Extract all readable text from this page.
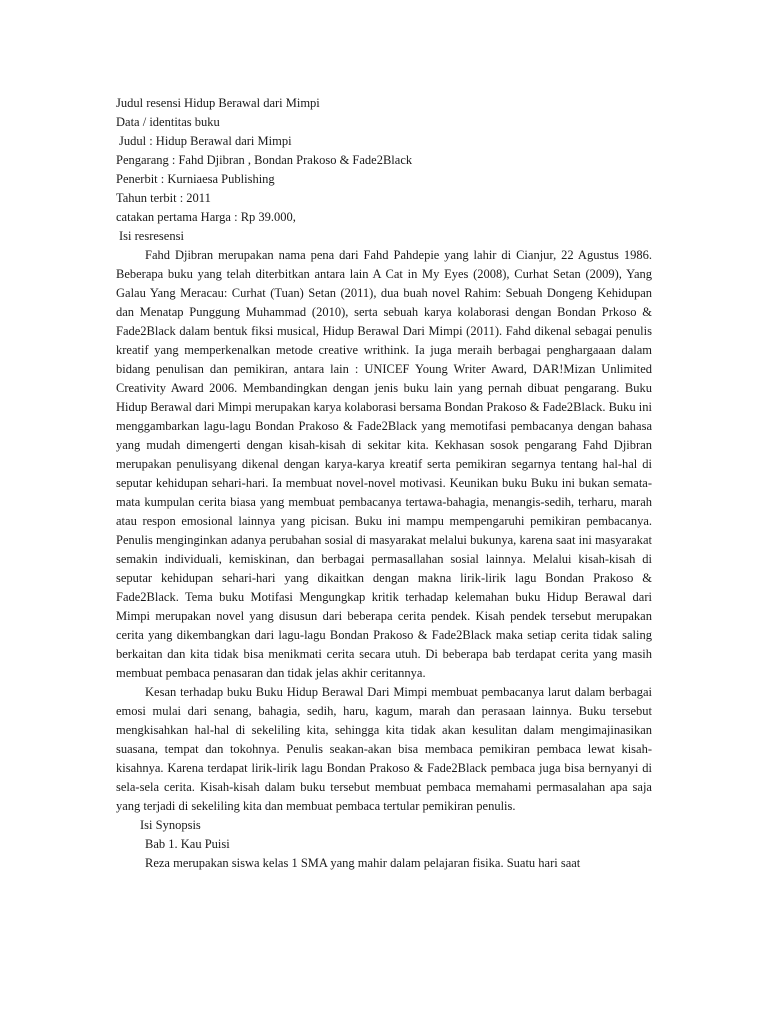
Judul resensi Hidup Berawal dari Mimpi
Data / identitas buku
Judul : Hidup Berawal dari Mimpi
Pengarang : Fahd Djibran , Bondan Prakoso & Fade2Black
Penerbit : Kurniaesa Publishing
Tahun terbit : 2011
catakan pertama Harga : Rp 39.000,
Isi resresensi

Fahd Djibran merupakan nama pena dari Fahd Pahdepie yang lahir di Cianjur, 22 Agustus 1986. Beberapa buku yang telah diterbitkan antara lain A Cat in My Eyes (2008), Curhat Setan (2009), Yang Galau Yang Meracau: Curhat (Tuan) Setan (2011), dua buah novel Rahim: Sebuah Dongeng Kehidupan dan Menatap Punggung Muhammad (2010), serta sebuah karya kolaborasi dengan Bondan Prkoso & Fade2Black dalam bentuk fiksi musical, Hidup Berawal Dari Mimpi (2011). Fahd dikenal sebagai penulis kreatif yang memperkenalkan metode creative writhink. Ia juga meraih berbagai penghargaaan dalam bidang penulisan dan pemikiran, antara lain : UNICEF Young Writer Award, DAR!Mizan Unlimited Creativity Award 2006. Membandingkan dengan jenis buku lain yang pernah dibuat pengarang. Buku Hidup Berawal dari Mimpi merupakan karya kolaborasi bersama Bondan Prakoso & Fade2Black. Buku ini menggambarkan lagu-lagu Bondan Prakoso & Fade2Black yang memotifasi pembacanya dengan bahasa yang mudah dimengerti dengan kisah-kisah di sekitar kita. Kekhasan sosok pengarang Fahd Djibran merupakan penulisyang dikenal dengan karya-karya kreatif serta pemikiran segarnya tentang hal-hal di seputar kehidupan sehari-hari. Ia membuat novel-novel motivasi. Keunikan buku Buku ini bukan semata-mata kumpulan cerita biasa yang membuat pembacanya tertawa-bahagia, menangis-sedih, terharu, marah atau respon emosional lainnya yang picisan. Buku ini mampu mempengaruhi pemikiran pembacanya. Penulis menginginkan adanya perubahan sosial di masyarakat melalui bukunya, karena saat ini masyarakat semakin individuali, kemiskinan, dan berbagai permasallahan sosial lainnya. Melalui kisah-kisah di seputar kehidupan sehari-hari yang dikaitkan dengan makna lirik-lirik lagu Bondan Prakoso & Fade2Black. Tema buku Motifasi Mengungkap kritik terhadap kelemahan buku Hidup Berawal dari Mimpi merupakan novel yang disusun dari beberapa cerita pendek. Kisah pendek tersebut merupakan cerita yang dikembangkan dari lagu-lagu Bondan Prakoso & Fade2Black maka setiap cerita tidak saling berkaitan dan kita tidak bisa menikmati cerita secara utuh. Di beberapa bab terdapat cerita yang masih membuat pembaca penasaran dan tidak jelas akhir ceritannya.

Kesan terhadap buku Buku Hidup Berawal Dari Mimpi membuat pembacanya larut dalam berbagai emosi mulai dari senang, bahagia, sedih, haru, kagum, marah dan perasaan lainnya. Buku tersebut mengkisahkan hal-hal di sekeliling kita, sehingga kita tidak akan kesulitan dalam mengimajinasikan suasana, tempat dan tokohnya. Penulis seakan-akan bisa membaca pemikiran pembaca lewat kisah-kisahnya. Karena terdapat lirik-lirik lagu Bondan Prakoso & Fade2Black pembaca juga bisa bernyanyi di sela-sela cerita. Kisah-kisah dalam buku tersebut membuat pembaca memahami permasalahan apa saja yang terjadi di sekeliling kita dan membuat pembaca tertular pemikiran penulis.

Isi Synopsis
Bab 1. Kau Puisi

Reza merupakan siswa kelas 1 SMA yang mahir dalam pelajaran fisika. Suatu hari saat
